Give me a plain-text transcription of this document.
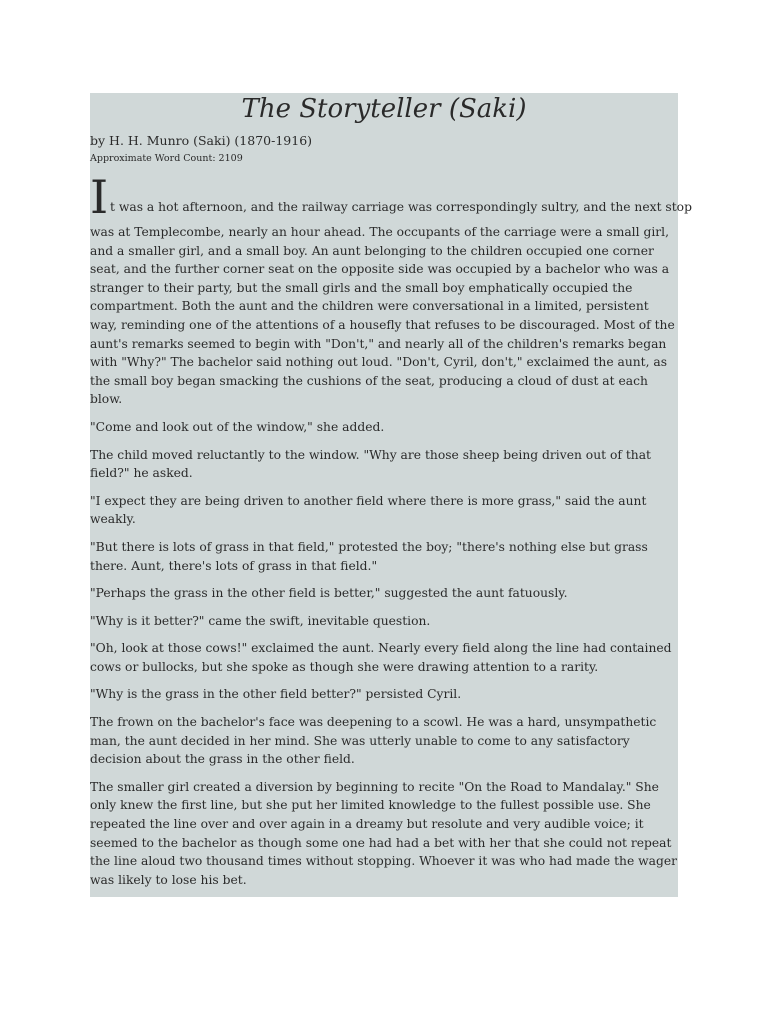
The Storyteller (Saki)
by H. H. Munro (Saki) (1870-1916)
Approximate Word Count: 2109
I t was a hot afternoon, and the railway carriage was correspondingly sultry, and the next stop

was at Templecombe, nearly an hour ahead. The occupants of the carriage were a small girl, and a smaller girl, and a small boy. An aunt belonging to the children occupied one corner seat, and the further corner seat on the opposite side was occupied by a bachelor who was a stranger to their party, but the small girls and the small boy emphatically occupied the compartment. Both the aunt and the children were conversational in a limited, persistent way, reminding one of the attentions of a housefly that refuses to be discouraged. Most of the aunt's remarks seemed to begin with "Don't," and nearly all of the children's remarks began with "Why?" The bachelor said nothing out loud. "Don't, Cyril, don't," exclaimed the aunt, as the small boy began smacking the cushions of the seat, producing a cloud of dust at each blow.

"Come and look out of the window," she added.

The child moved reluctantly to the window. "Why are those sheep being driven out of that field?" he asked.

"I expect they are being driven to another field where there is more grass," said the aunt weakly.

"But there is lots of grass in that field," protested the boy; "there's nothing else but grass there. Aunt, there's lots of grass in that field."

"Perhaps the grass in the other field is better," suggested the aunt fatuously.

"Why is it better?" came the swift, inevitable question.

"Oh, look at those cows!" exclaimed the aunt. Nearly every field along the line had contained cows or bullocks, but she spoke as though she were drawing attention to a rarity.

"Why is the grass in the other field better?" persisted Cyril.

The frown on the bachelor's face was deepening to a scowl. He was a hard, unsympathetic man, the aunt decided in her mind. She was utterly unable to come to any satisfactory decision about the grass in the other field.

The smaller girl created a diversion by beginning to recite "On the Road to Mandalay." She only knew the first line, but she put her limited knowledge to the fullest possible use. She repeated the line over and over again in a dreamy but resolute and very audible voice; it seemed to the bachelor as though some one had had a bet with her that she could not repeat the line aloud two thousand times without stopping. Whoever it was who had made the wager was likely to lose his bet.
